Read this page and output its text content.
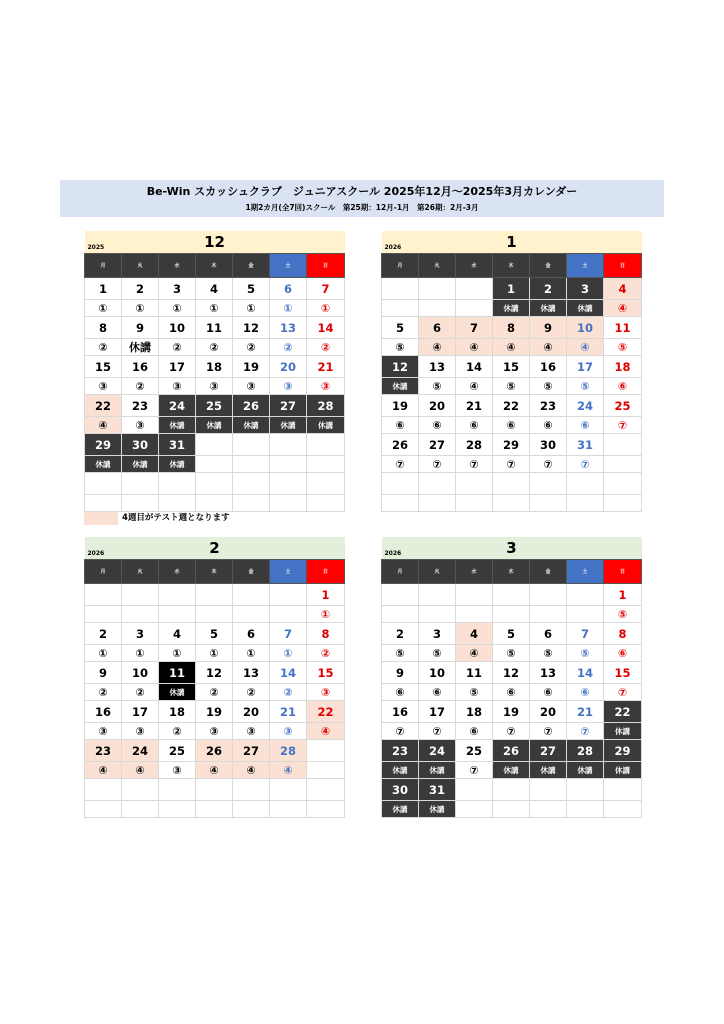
Be-Win スカッシュクラブ　ジュニアスクール 2025年12月～2025年3月カレンダー
1期2カ月(全7回)スクール　第25期：12月-1月　第26期：2月-3月
2025 12						
月	火	水	木	金	土	日
1	2	3	4	5	6	7
①	①	①	①	①	①	①
8	9	10	11	12	13	14
②	休講	②	②	②	②	②
15	16	17	18	19	20	21
③	②	③	③	③	③	③
22	23	24	25	26	27	28
④	③	休講	休講	休講	休講	休講
29	30	31				
休講	休講	休講				

2026 1						
月	火	水	木	金	土	日
			1	2	3	4
			休講	休講	休講	④
5	6	7	8	9	10	11
⑤	④	④	④	④	④	⑤
12	13	14	15	16	17	18
休講	⑤	④	⑤	⑤	⑤	⑥
19	20	21	22	23	24	25
⑥	⑥	⑥	⑥	⑥	⑥	⑦
26	27	28	29	30	31	
⑦	⑦	⑦	⑦	⑦	⑦	

4週目がテスト週となります
2026 2						
月	火	水	木	金	土	日
						1
						①
2	3	4	5	6	7	8
①	①	①	①	①	①	②
9	10	11	12	13	14	15
②	②	休講	②	②	②	③
16	17	18	19	20	21	22
③	③	②	③	③	③	④
23	24	25	26	27	28	
④	④	③	④	④	④	

2026 3						
月	火	水	木	金	土	日
						1
						⑤
2	3	4	5	6	7	8
⑤	⑤	④	⑤	⑤	⑤	⑥
9	10	11	12	13	14	15
⑥	⑥	⑤	⑥	⑥	⑥	⑦
16	17	18	19	20	21	22
⑦	⑦	⑥	⑦	⑦	⑦	休講
23	24	25	26	27	28	29
休講	休講	⑦	休講	休講	休講	休講
30	31					
休講	休講					
